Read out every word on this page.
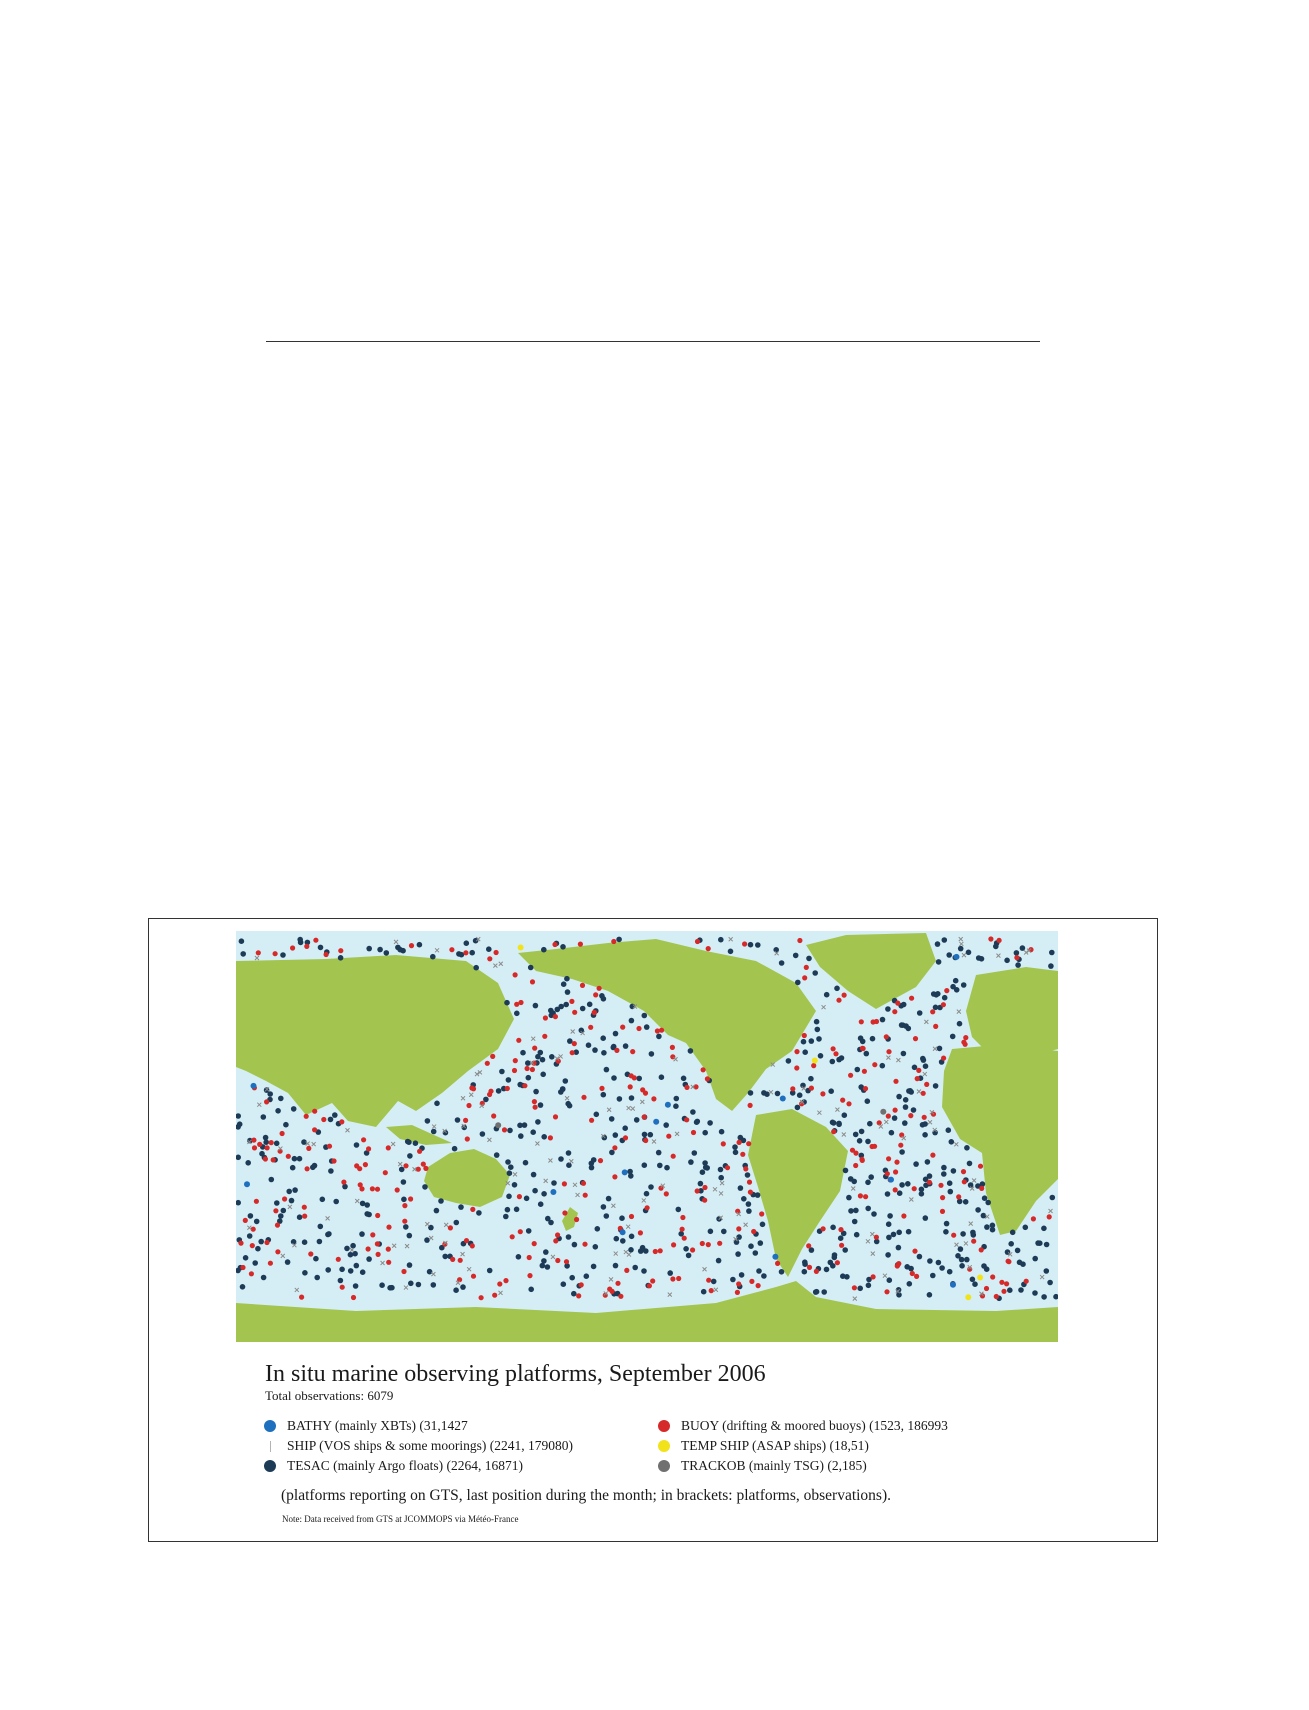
In situ marine observing platforms, September 2006
Total observations: 6079
BATHY (mainly XBTs) (31,1427
SHIP (VOS ships & some moorings) (2241, 179080)
TESAC (mainly Argo floats) (2264, 16871)
BUOY (drifting & moored buoys) (1523, 186993
TEMP SHIP (ASAP ships) (18,51)
TRACKOB (mainly TSG) (2,185)
(platforms reporting on GTS, last position during the month; in brackets: platforms, observations).
Note: Data received from GTS at JCOMMOPS via Météo-France
